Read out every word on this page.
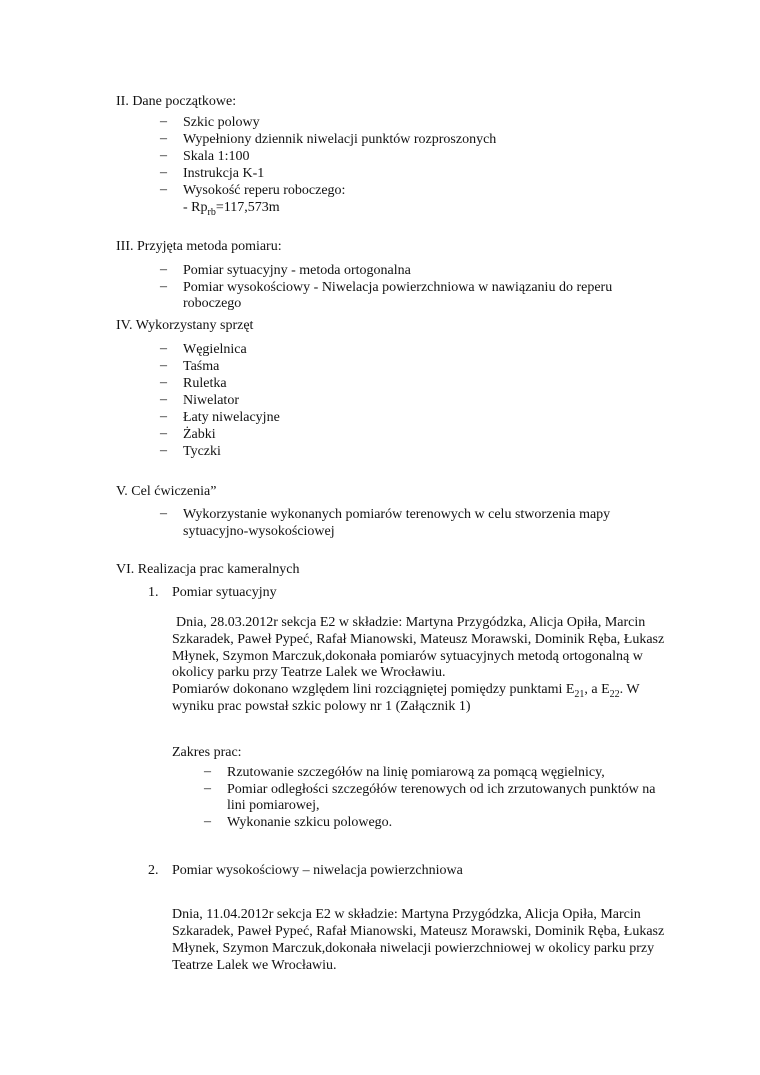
II. Dane początkowe:
–	Szkic polowy
–	Wypełniony dziennik niwelacji punktów rozproszonych
–	Skala 1:100
–	Instrukcja K-1
–	Wysokość reperu roboczego:
- $Rp_{rb}=117,573m$
III. Przyjęta metoda pomiaru:
–	Pomiar sytuacyjny - metoda ortogonalna
–	Pomiar wysokościowy - Niwelacja powierzchniowa w nawiązaniu do reperu
roboczego
IV. Wykorzystany sprzęt
–	Węgielnica
–	Taśma
–	Ruletka
–	Niwelator
–	Łaty niwelacyjne
–	Żabki
–	Tyczki
V. Cel ćwiczenia”
–	Wykorzystanie wykonanych pomiarów terenowych w celu stworzenia mapy
sytuacyjno-wysokościowej
VI. Realizacja prac kameralnych
1. Pomiar sytuacyjny
Dnia, 28.03.2012r sekcja E2 w składzie: Martyna Przygódzka, Alicja Opiła, Marcin
Szkaradek, Paweł Pypeć, Rafał Mianowski, Mateusz Morawski, Dominik Ręba, Łukasz
Młynek, Szymon Marczuk,dokonała pomiarów sytuacyjnych metodą ortogonalną w
okolicy parku przy Teatrze Lalek we Wrocławiu.
Pomiarów dokonano względem lini rozciągniętej pomiędzy punktami $E_{21}$, a $E_{22}$. W
wyniku prac powstał szkic polowy nr 1 (Załącznik 1)
Zakres prac:
–	Rzutowanie szczegółów na linię pomiarową za pomącą węgielnicy,
–	Pomiar odległości szczegółów terenowych od ich zrzutowanych punktów na
lini pomiarowej,
–	Wykonanie szkicu polowego.
2. Pomiar wysokościowy – niwelacja powierzchniowa
Dnia, 11.04.2012r sekcja E2 w składzie: Martyna Przygódzka, Alicja Opiła, Marcin
Szkaradek, Paweł Pypeć, Rafał Mianowski, Mateusz Morawski, Dominik Ręba, Łukasz
Młynek, Szymon Marczuk,dokonała niwelacji powierzchniowej w okolicy parku przy
Teatrze Lalek we Wrocławiu.
